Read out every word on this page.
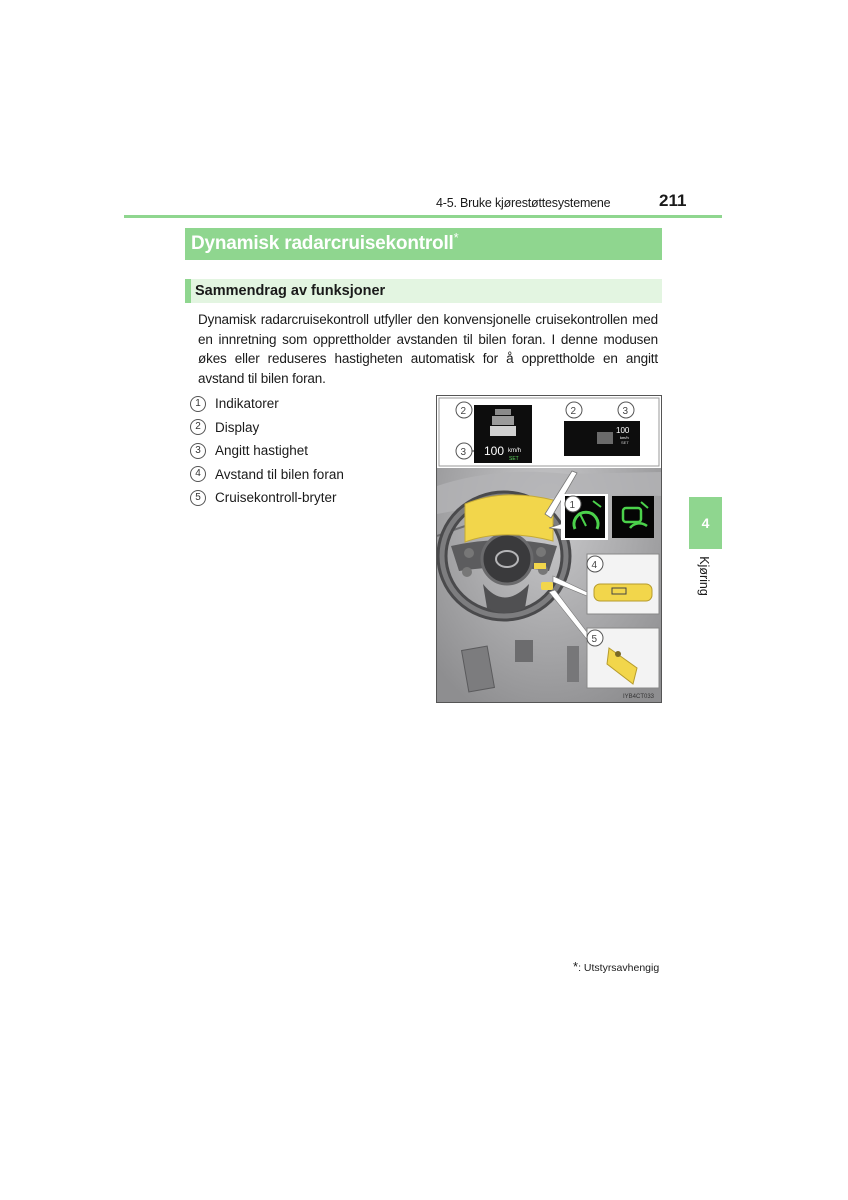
4-5. Bruke kjørestøttesystemene	211
Dynamisk radarcruisekontroll *
Sammendrag av funksjoner
Dynamisk radarcruisekontroll utfyller den konvensjonelle cruisekontrollen med en innretning som opprettholder avstanden til bilen foran. I denne modusen økes eller reduseres hastigheten automatisk for å opprettholde en angitt avstand til bilen foran.
1	Indikatorer
2	Display
3	Angitt hastighet
4	Avstand til bilen foran
5	Cruisekontroll-bryter
100 km/h
SET
100
km/h
SET
2
3
2	3
1
4
5
IYB4CT033
4
Kjøring
*: Utstyrsavhengig
